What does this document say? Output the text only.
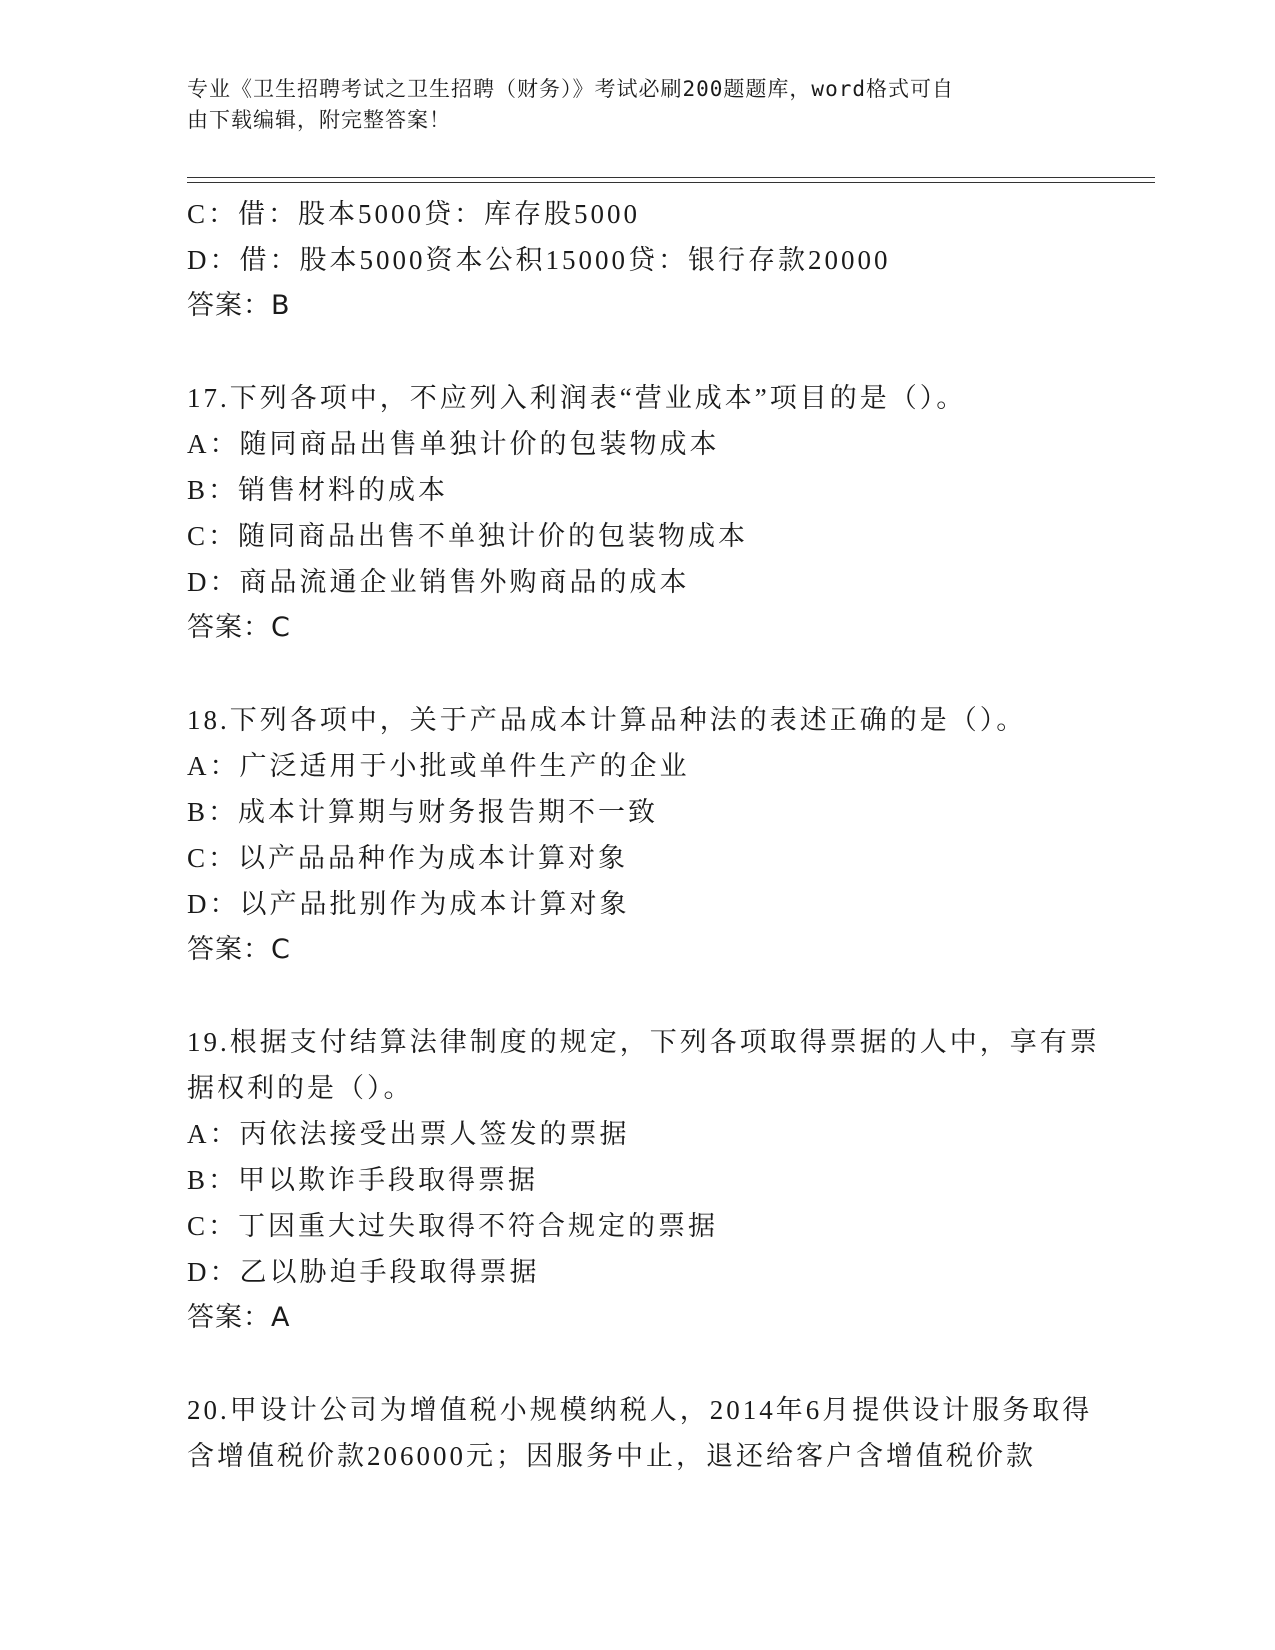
专业《卫生招聘考试之卫生招聘（财务）》考试必刷200题题库，word格式可自
由下载编辑，附完整答案！
C：借：股本5000贷：库存股5000
D：借：股本5000资本公积15000贷：银行存款20000
答案：B
17.下列各项中，不应列入利润表“营业成本”项目的是（）。
A：随同商品出售单独计价的包装物成本
B：销售材料的成本
C：随同商品出售不单独计价的包装物成本
D：商品流通企业销售外购商品的成本
答案：C
18.下列各项中，关于产品成本计算品种法的表述正确的是（）。
A：广泛适用于小批或单件生产的企业
B：成本计算期与财务报告期不一致
C：以产品品种作为成本计算对象
D：以产品批别作为成本计算对象
答案：C
19.根据支付结算法律制度的规定，下列各项取得票据的人中，享有票
据权利的是（）。
A：丙依法接受出票人签发的票据
B：甲以欺诈手段取得票据
C：丁因重大过失取得不符合规定的票据
D：乙以胁迫手段取得票据
答案：A
20.甲设计公司为增值税小规模纳税人，2014年6月提供设计服务取得
含增值税价款206000元；因服务中止，退还给客户含增值税价款
